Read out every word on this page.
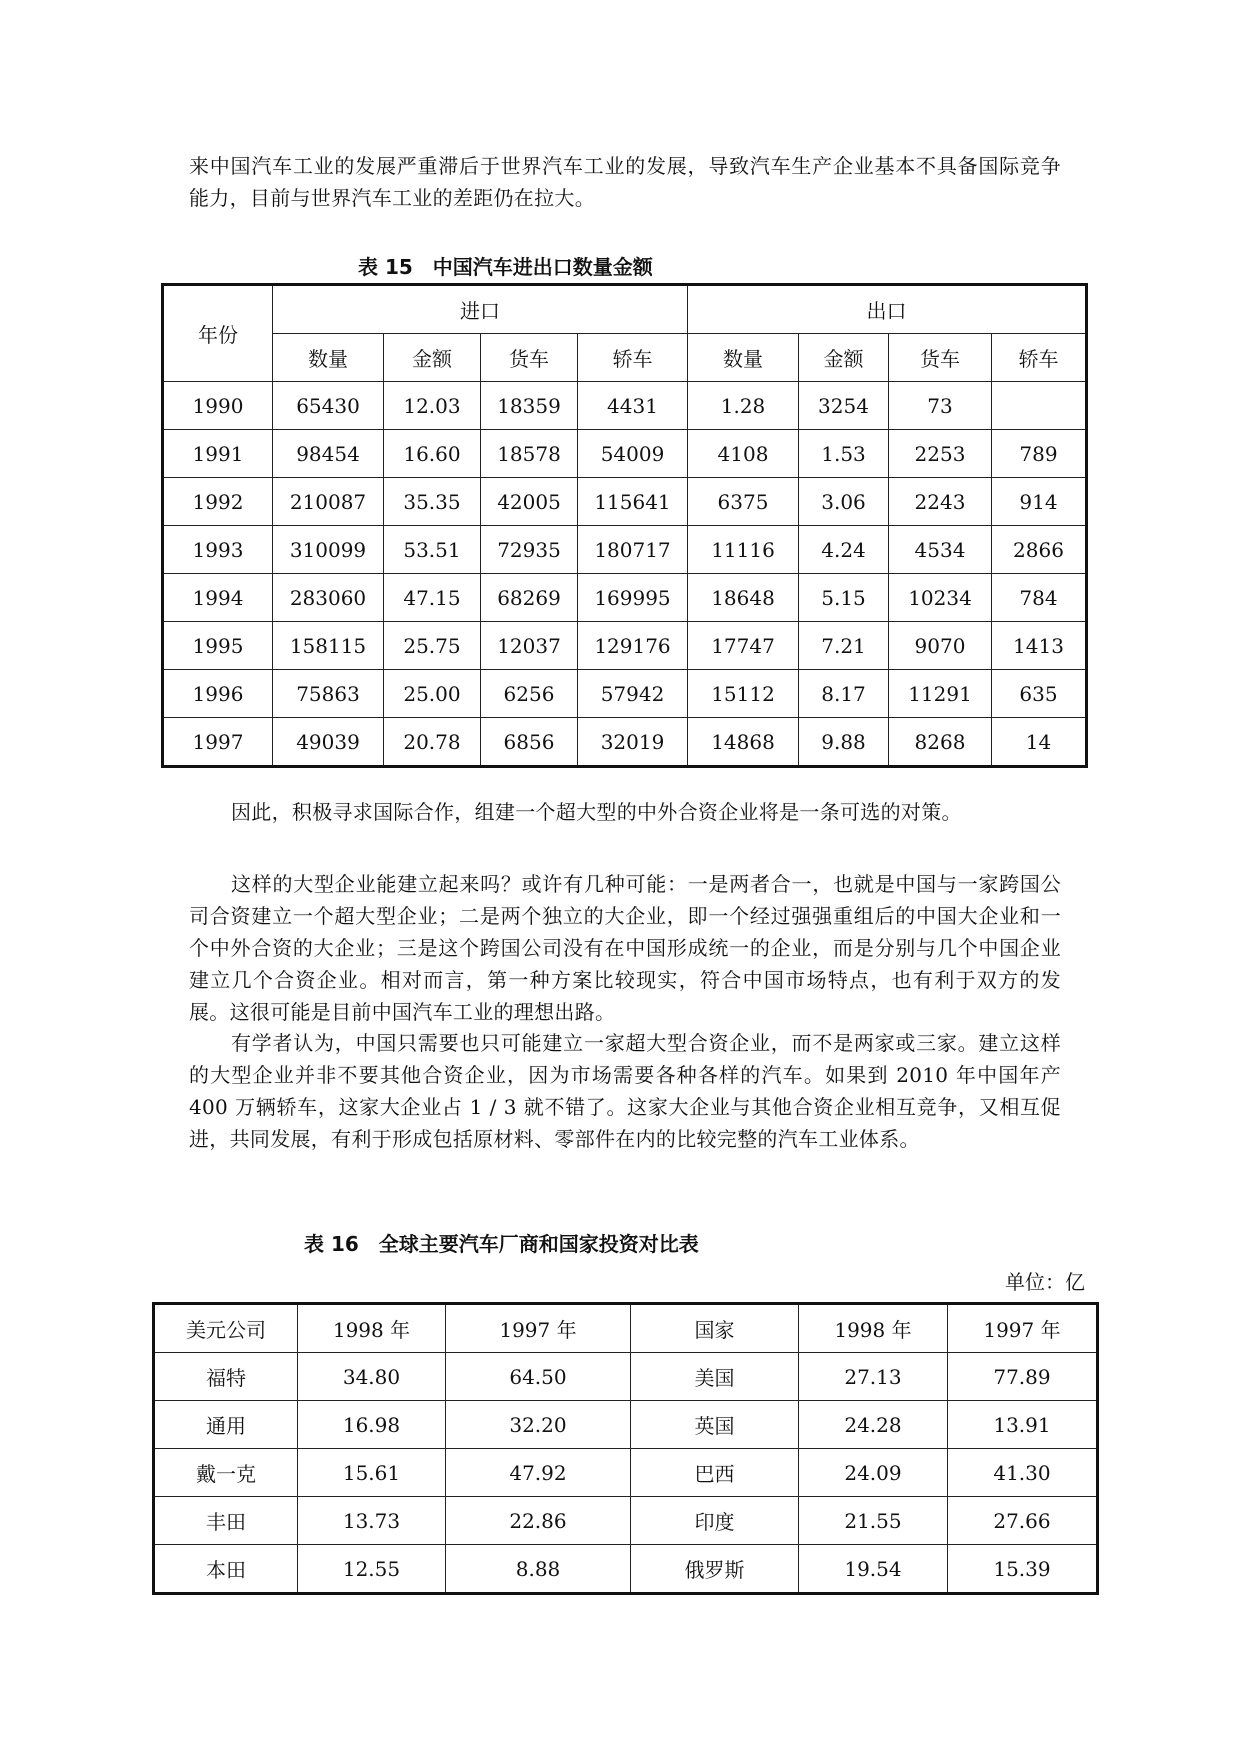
来中国汽车工业的发展严重滞后于世界汽车工业的发展，导致汽车生产企业基本不具备国际竞争能力，目前与世界汽车工业的差距仍在拉大。

表 15　中国汽车进出口数量金额

年份	进口				出口			
	数量	金额	货车	轿车	数量	金额	货车	轿车
1990	65430	12.03	18359	4431	1.28	3254	73	
1991	98454	16.60	18578	54009	4108	1.53	2253	789
1992	210087	35.35	42005	115641	6375	3.06	2243	914
1993	310099	53.51	72935	180717	11116	4.24	4534	2866
1994	283060	47.15	68269	169995	18648	5.15	10234	784
1995	158115	25.75	12037	129176	17747	7.21	9070	1413
1996	75863	25.00	6256	57942	15112	8.17	11291	635
1997	49039	20.78	6856	32019	14868	9.88	8268	14

因此，积极寻求国际合作，组建一个超大型的中外合资企业将是一条可选的对策。

这样的大型企业能建立起来吗？或许有几种可能：一是两者合一，也就是中国与一家跨国公司合资建立一个超大型企业；二是两个独立的大企业，即一个经过强强重组后的中国大企业和一个中外合资的大企业；三是这个跨国公司没有在中国形成统一的企业，而是分别与几个中国企业建立几个合资企业。相对而言，第一种方案比较现实，符合中国市场特点，也有利于双方的发展。这很可能是目前中国汽车工业的理想出路。

有学者认为，中国只需要也只可能建立一家超大型合资企业，而不是两家或三家。建立这样的大型企业并非不要其他合资企业，因为市场需要各种各样的汽车。如果到 2010 年中国年产 400 万辆轿车，这家大企业占 1 / 3 就不错了。这家大企业与其他合资企业相互竞争，又相互促进，共同发展，有利于形成包括原材料、零部件在内的比较完整的汽车工业体系。

表 16　全球主要汽车厂商和国家投资对比表

单位：亿

美元公司	1998 年	1997 年	国家	1998 年	1997 年
福特	34.80	64.50	美国	27.13	77.89
通用	16.98	32.20	英国	24.28	13.91
戴一克	15.61	47.92	巴西	24.09	41.30
丰田	13.73	22.86	印度	21.55	27.66
本田	12.55	8.88	俄罗斯	19.54	15.39
